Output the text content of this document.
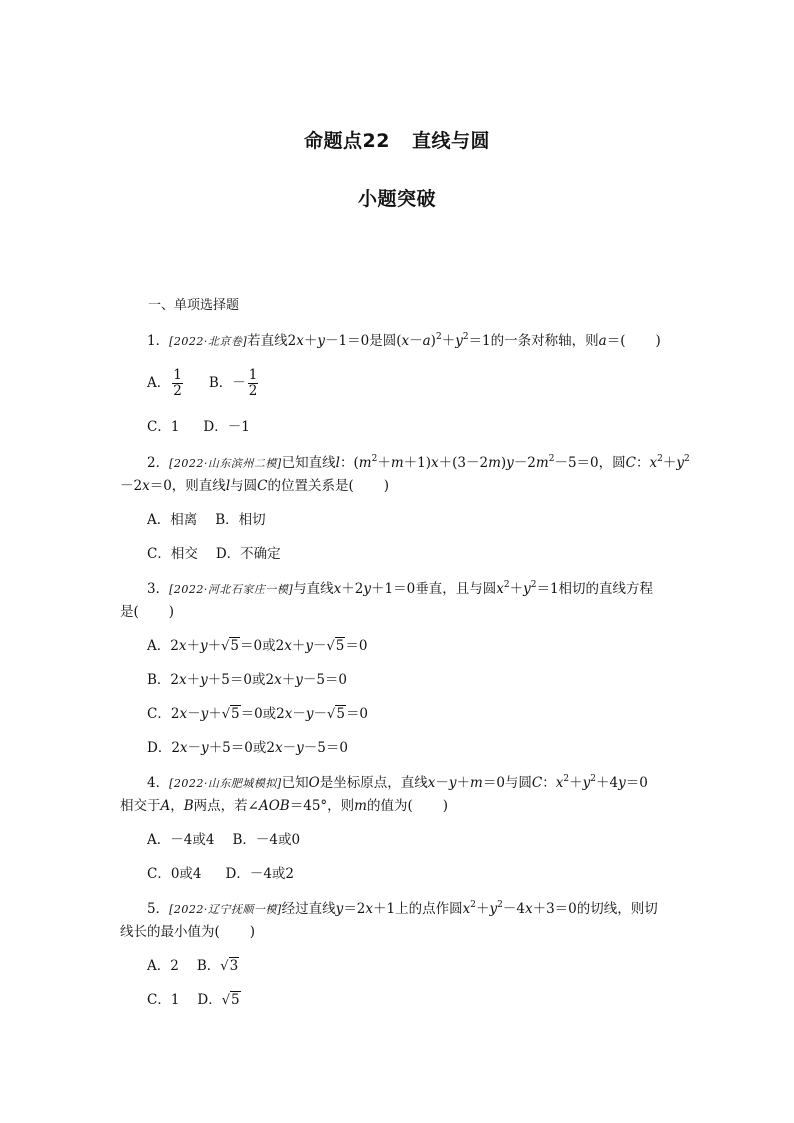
命题点22 直线与圆
小题突破
一、单项选择题
1．[2022·北京卷]若直线2x＋y－1＝0是圆$(x-a)^2+y^2=1$的一条对称轴，则a＝( )
A． $\frac{1}{2}$ B．－ $\frac{1}{2}$
C．1 D．－1
2．[2022·山东滨州二模]已知直线l：$(m^2+m+1)x+(3-2m)y-2m^2-5=0$，圆C：$x^2+y^2$
－2x＝0，则直线l与圆C的位置关系是( )
A．相离 B．相切
C．相交 D．不确定
3．[2022·河北石家庄一模]与直线x＋2y＋1＝0垂直，且与圆$x^2+y^2=1$相切的直线方程
是( )
A．2x＋y＋√5＝0或2x＋y－√5＝0
B．2x＋y＋5＝0或2x＋y－5＝0
C．2x－y＋√5＝0或2x－y－√5＝0
D．2x－y＋5＝0或2x－y－5＝0
4．[2022·山东肥城模拟]已知O是坐标原点，直线x－y＋m＝0与圆C：$x^2+y^2+4y=0$
相交于A，B两点，若∠AOB＝45°，则m的值为( )
A．－4或4 B．－4或0
C．0或4 D．－4或2
5．[2022·辽宁抚顺一模]经过直线y＝2x＋1上的点作圆$x^2+y^2-4x+3=0$的切线，则切
线长的最小值为( )
A．2 B．√3
C．1 D．√5
